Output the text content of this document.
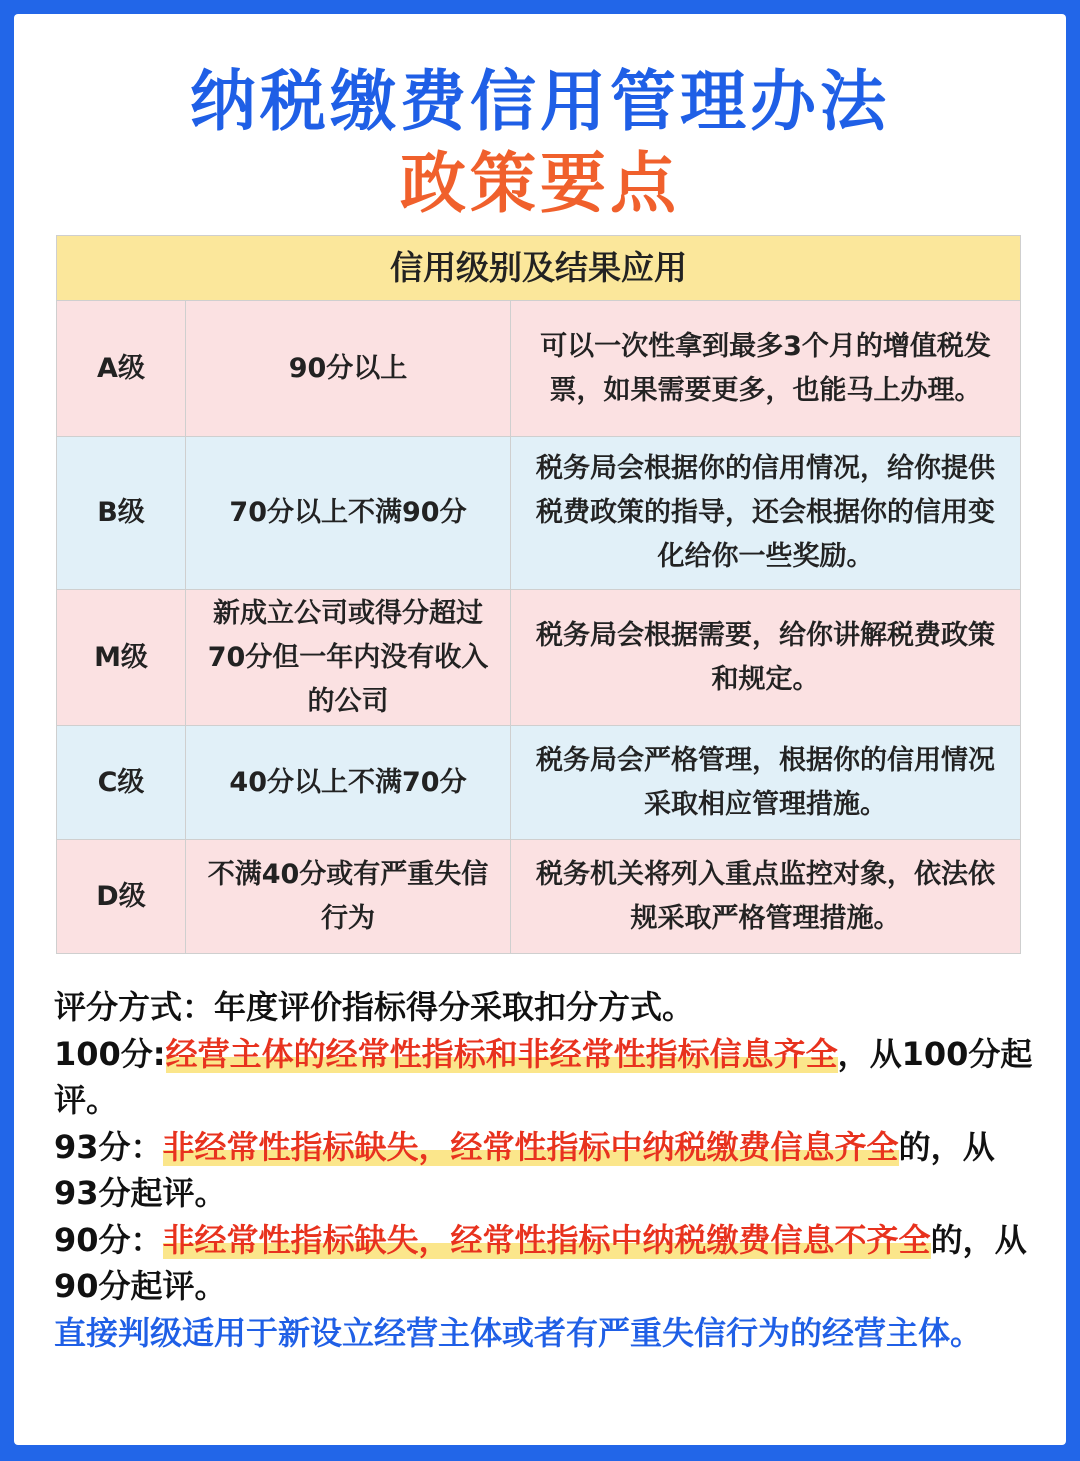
纳税缴费信用管理办法
政策要点
信用级别及结果应用		
A级	90分以上	可以一次性拿到最多3个月的增值税发票，如果需要更多，也能马上办理。
B级	70分以上不满90分	税务局会根据你的信用情况，给你提供税费政策的指导，还会根据你的信用变化给你一些奖励。
M级	新成立公司或得分超过70分但一年内没有收入的公司	税务局会根据需要，给你讲解税费政策和规定。
C级	40分以上不满70分	税务局会严格管理，根据你的信用情况采取相应管理措施。
D级	不满40分或有严重失信行为	税务机关将列入重点监控对象，依法依规采取严格管理措施。

评分方式：年度评价指标得分采取扣分方式。

100分:经营主体的经常性指标和非经常性指标信息齐全，从100分起评。

93分：非经常性指标缺失，经常性指标中纳税缴费信息齐全的，从93分起评。

90分：非经常性指标缺失，经常性指标中纳税缴费信息不齐全的，从90分起评。

直接判级适用于新设立经营主体或者有严重失信行为的经营主体。
